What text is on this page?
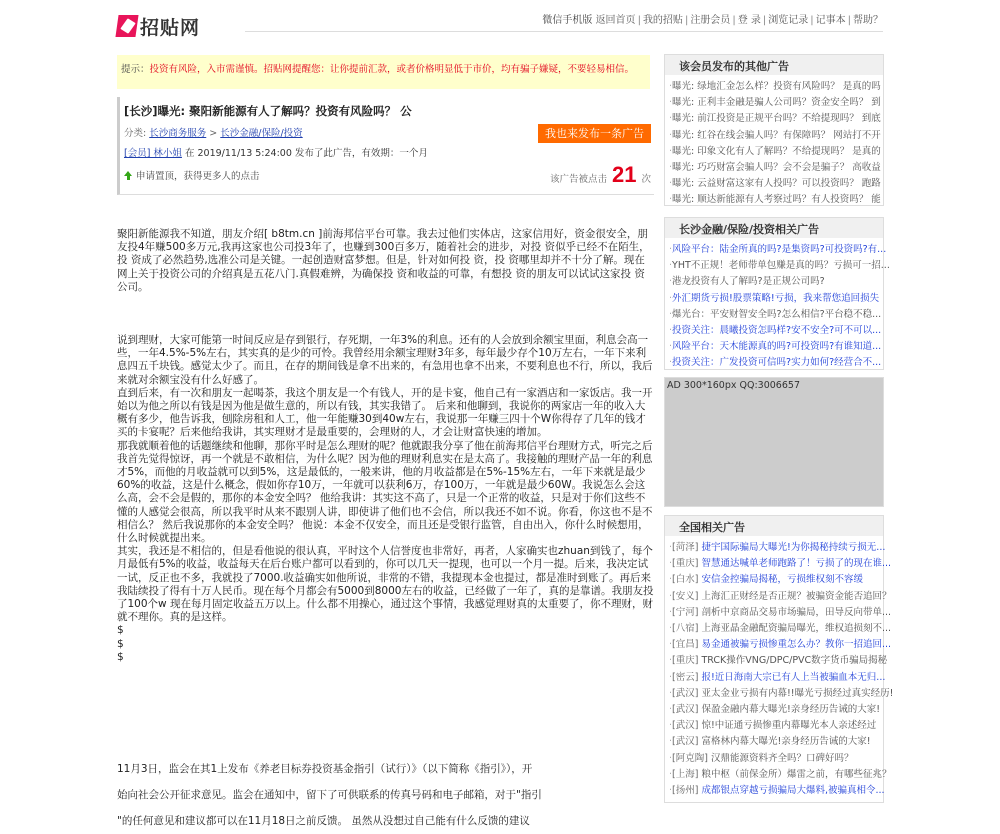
招贴网	微信手机版 返回首页 | 我的招贴 | 注册会员 | 登 录 | 浏览记录 | 记事本 | 帮助？
提示：投资有风险，入市需谨慎。招贴网提醒您：让你提前汇款，或者价格明显低于市价，均有骗子嫌疑，不要轻易相信。
[长沙]曝光: 聚阳新能源有人了解吗？投资有风险吗？ 公
分类: 长沙商务服务 > 长沙金融/保险/投资
[会员] 林小姐 在 2019/11/13 5:24:00 发布了此广告，有效期：一个月
申请置顶，获得更多人的点击
我也来发布一条广告
该广告被点击 21 次

聚阳新能源我不知道，朋友介绍[ b8tm.cn ]前海邦信平台可靠。我去过他们实体店，这家信用好，资金很安全，朋友投4年赚500多万元,我再这家也公司投3年了，也赚到300百多万，随着社会的进步，对投 资似乎已经不在陌生，投 资成了必然趋势,选准公司是关键。一起创造财富梦想。但是，针对如何投 资，投 资哪里却并不十分了解。现在网上关于投资公司的介绍真是五花八门.真假难辨，为确保投 资和收益的可靠，有想投 资的朋友可以试试这家投 资公司。

说到理财，大家可能第一时间反应是存到银行，存死期，一年3%的利息。还有的人会放到余额宝里面，利息会高一些，一年4.5%-5%左右，其实真的是少的可怜。我曾经用余额宝理财3年多，每年最少存个10万左右，一年下来利息四五千块钱。感觉太少了。而且，在存的期间钱是拿不出来的，有急用也拿不出来，不要利息也不行，所以，我后来就对余额宝没有什么好感了。

直到后来，有一次和朋友一起喝茶，我这个朋友是一个有钱人，开的是卡宴，他自己有一家酒店和一家饭店。我一开始以为他之所以有钱是因为他是做生意的，所以有钱，其实我错了。 后来和他聊到，我说你的两家店一年的收入大概有多少，他告诉我，刨除房租和人工，他一年能赚30到40w左右，我说那一年赚三四十个W你得存了几年的钱才买的卡宴呢？后来他给我讲，其实理财才是最重要的，会理财的人，才会让财富快速的增加。

那我就顺着他的话题继续和他聊，那你平时是怎么理财的呢？他就跟我分享了他在前海邦信平台理财方式，听完之后我首先觉得惊讶，再一个就是不敢相信，为什么呢？因为他的理财利息实在是太高了。我接触的理财产品一年的利息才5%，而他的月收益就可以到5%，这是最低的，一般来讲，他的月收益都是在5%-15%左右，一年下来就是最少60%的收益，这是什么概念，假如你存10万，一年就可以获利6万，存100万，一年就是最少60W。我说怎么会这么高，会不会是假的，那你的本金安全吗？ 他给我讲：其实这不高了，只是一个正常的收益，只是对于你们这些不懂的人感觉会很高，所以我平时从来不跟别人讲，即使讲了他们也不会信，所以我还不如不说。你看，你这也不是不相信么？ 然后我说那你的本金安全吗？ 他说：本金不仅安全，而且还是受银行监管，自由出入，你什么时候想用，什么时候就提出来。

其实，我还是不相信的，但是看他说的很认真，平时这个人信誉度也非常好，再者，人家确实也zhuan到钱了，每个月最低有5%的收益，收益每天在后台账户都可以看到的，你可以几天一提现，也可以一个月一提。后来，我决定试一试，反正也不多，我就投了7000.收益确实如他所说，非常的不错，我提现本金也提过，都是准时到账了。再后来我陆续投了得有十万人民币。现在每个月都会有5000到8000左右的收益，已经做了一年了，真的是靠谱。我朋友投了100个w 现在每月固定收益五万以上。什么都不用操心，通过这个事情，我感觉理财真的太重要了，你不理财，财就不理你。真的是这样。

$

$

$

11月3日，监会在其1上发布《养老目标券投资基金指引（试行）》（以下简称《指引》），开

始向社会公开征求意见。监会在通知中，留下了可供联系的传真号码和电子邮箱，对于"指引

"的任何意见和建议都可以在11月18日之前反馈。 虽然从没想过自己能有什么反馈的建议

该会员发布的其他广告
· 曝光: 绿地汇金怎么样？投资有风险吗？ 是真的吗
· 曝光: 正利丰金融是骗人公司吗？资金安全吗？ 到
· 曝光: 前江投资是正规平台吗？不给提现吗？ 到底
· 曝光: 红谷在线会骗人吗？有保障吗？ 网站打不开
· 曝光: 印象文化有人了解吗？不给提现吗？ 是真的
· 曝光: 巧巧财富会骗人吗？会不会是骗子？ 高收益
· 曝光: 云益财富这家有人投吗？可以投资吗？ 跑路
· 曝光: 顺达新能源有人考察过吗？有人投资吗？ 能
长沙金融/保险/投资相关广告
· 风险平台：陆金所真的吗?是集资吗?可投资吗?有...
· YHT不正规！老师带单包赚是真的吗？亏损可一招...
· 港龙投资有人了解吗?是正规公司吗?
· 外汇期货亏损!股票策略!亏损，我来帮您追回损失
· 爆光台：平安财智安全吗?怎么相信?平台稳不稳...
· 投资关注：晨曦投资怎吗样?安不安全?可不可以...
· 风险平台：天木能源真的吗?可投资吗?有谁知道...
· 投资关注：广发投资可信吗?实力如何?经营合不...
AD 300*160px QQ:3006657
全国相关广告
· [菏泽] 捷宇国际骗局大曝光!为你揭秘持续亏损无...
· [重庆] 智慧通达喊单老师跑路了！亏损了的现在谁...
· [白水] 安信金控骗局揭秘，亏损维权刻不容缓
· [安义] 上海汇正财经是否正规？被骗资金能否追回？
· [宁河] 剖析中京商品交易市场骗局，田导反向带单...
· [八宿] 上海亚晶金融配资骗局曝光，维权追损刻不...
· [宜昌] 易金通被骗亏损惨重怎么办？教你一招追回...
· [重庆] TRCK操作VNG/DPC/PVC数字货币骗局揭秘
· [密云] 报!近日海南大宗已有人上当被骗血本无归...
· [武汉] 亚太金业亏损有内幕!!曝光亏损经过真实经历!
· [武汉] 保盈金融内幕大曝光!亲身经历告诫的大家!
· [武汉] 惊!中证通亏损惨重内幕曝光本人亲述经过
· [武汉] 富格林内幕大曝光!亲身经历告诫的大家!
· [阿克陶] 汉鼎能源资料齐全吗？口碑好吗？
· [上海] 粮中枢（前保金所）爆雷之前，有哪些征兆？
· [扬州] 成都银点穿越亏损骗局大爆料,被骗真相令...
